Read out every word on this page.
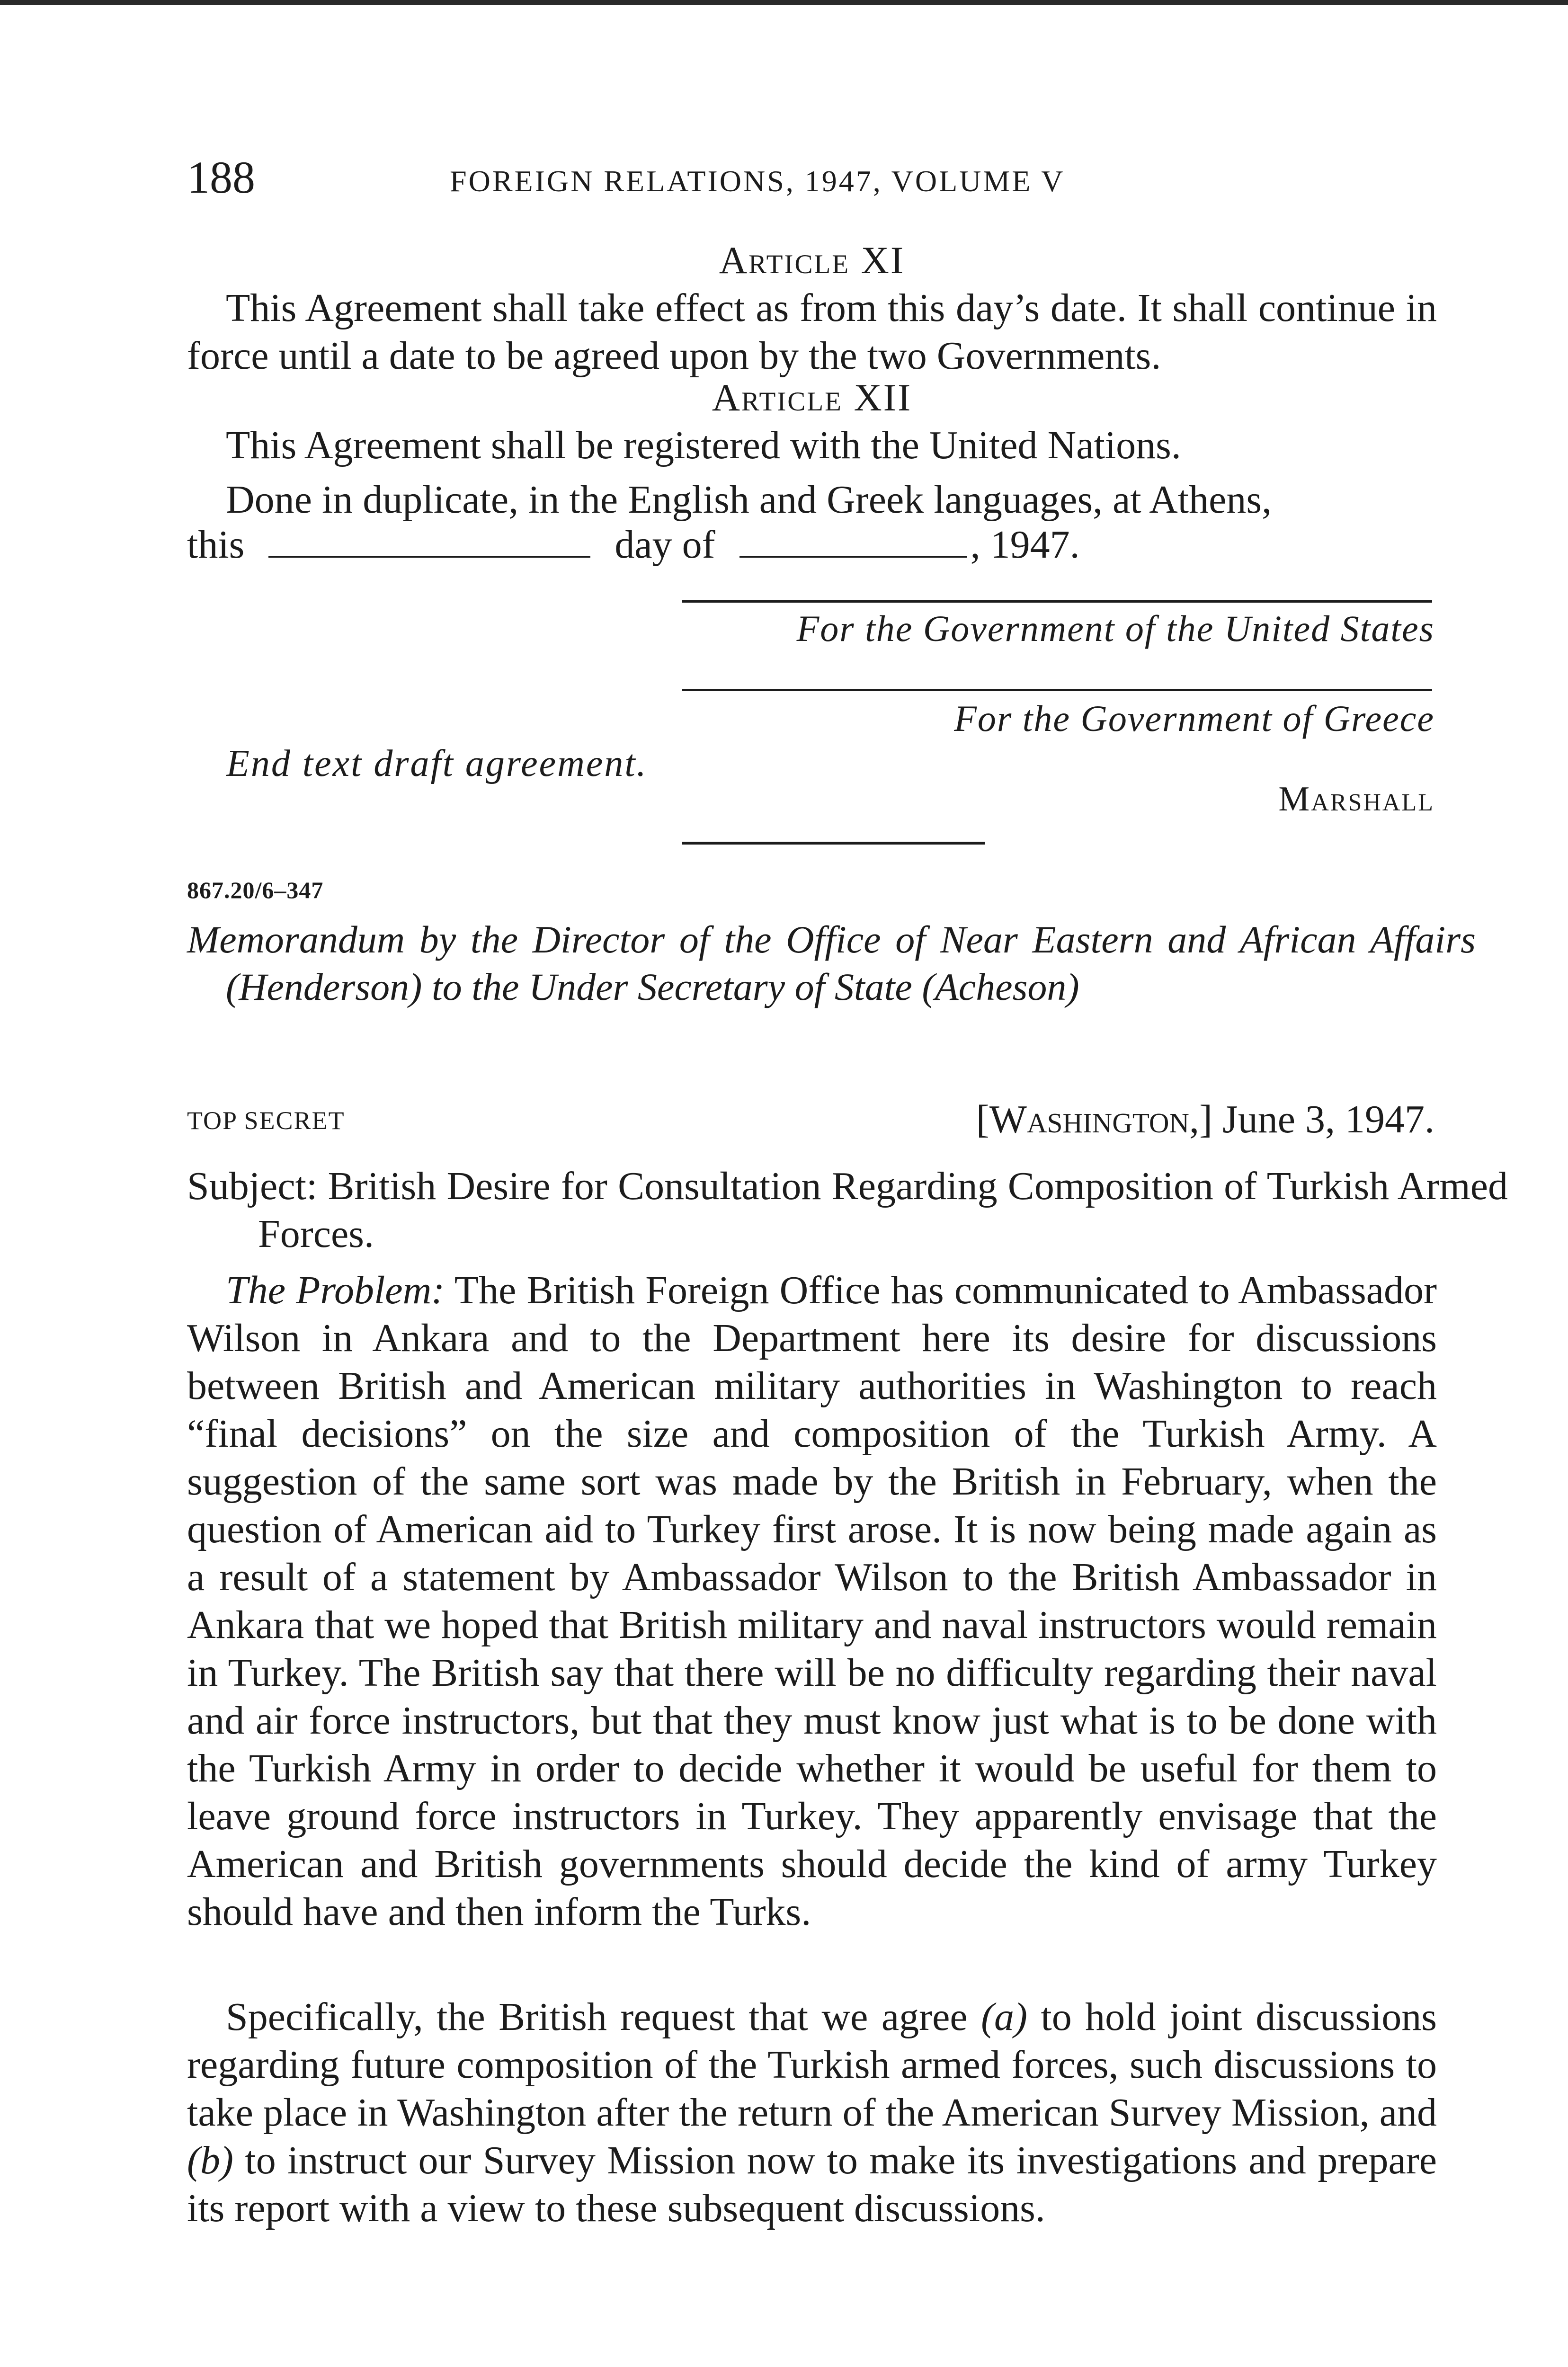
188	FOREIGN RELATIONS, 1947, VOLUME V
Article XI

This Agreement shall take effect as from this day’s date. It shall continue in force until a date to be agreed upon by the two Governments.

Article XII

This Agreement shall be registered with the United Nations.

Done in duplicate, in the English and Greek languages, at Athens,

this	day of	, 1947.
For the Government of the United States
For the Government of Greece
End text draft agreement.
Marshall
867.20/6–347

Memorandum by the Director of the Office of Near Eastern and African Affairs (Henderson) to the Under Secretary of State (Acheson)

TOP SECRET	[Washington,] June 3, 1947.

Subject: British Desire for Consultation Regarding Composition of Turkish Armed Forces.

The Problem: The British Foreign Office has communicated to Ambassador Wilson in Ankara and to the Department here its desire for discussions between British and American military authorities in Washington to reach “final decisions” on the size and composition of the Turkish Army. A suggestion of the same sort was made by the British in February, when the question of American aid to Turkey first arose. It is now being made again as a result of a statement by Ambassador Wilson to the British Ambassador in Ankara that we hoped that British military and naval instructors would remain in Turkey. The British say that there will be no difficulty regarding their naval and air force instructors, but that they must know just what is to be done with the Turkish Army in order to decide whether it would be useful for them to leave ground force instructors in Turkey. They apparently envisage that the American and British governments should decide the kind of army Turkey should have and then inform the Turks.

Specifically, the British request that we agree (a) to hold joint discussions regarding future composition of the Turkish armed forces, such discussions to take place in Washington after the return of the American Survey Mission, and (b) to instruct our Survey Mission now to make its investigations and prepare its report with a view to these subsequent discussions.
